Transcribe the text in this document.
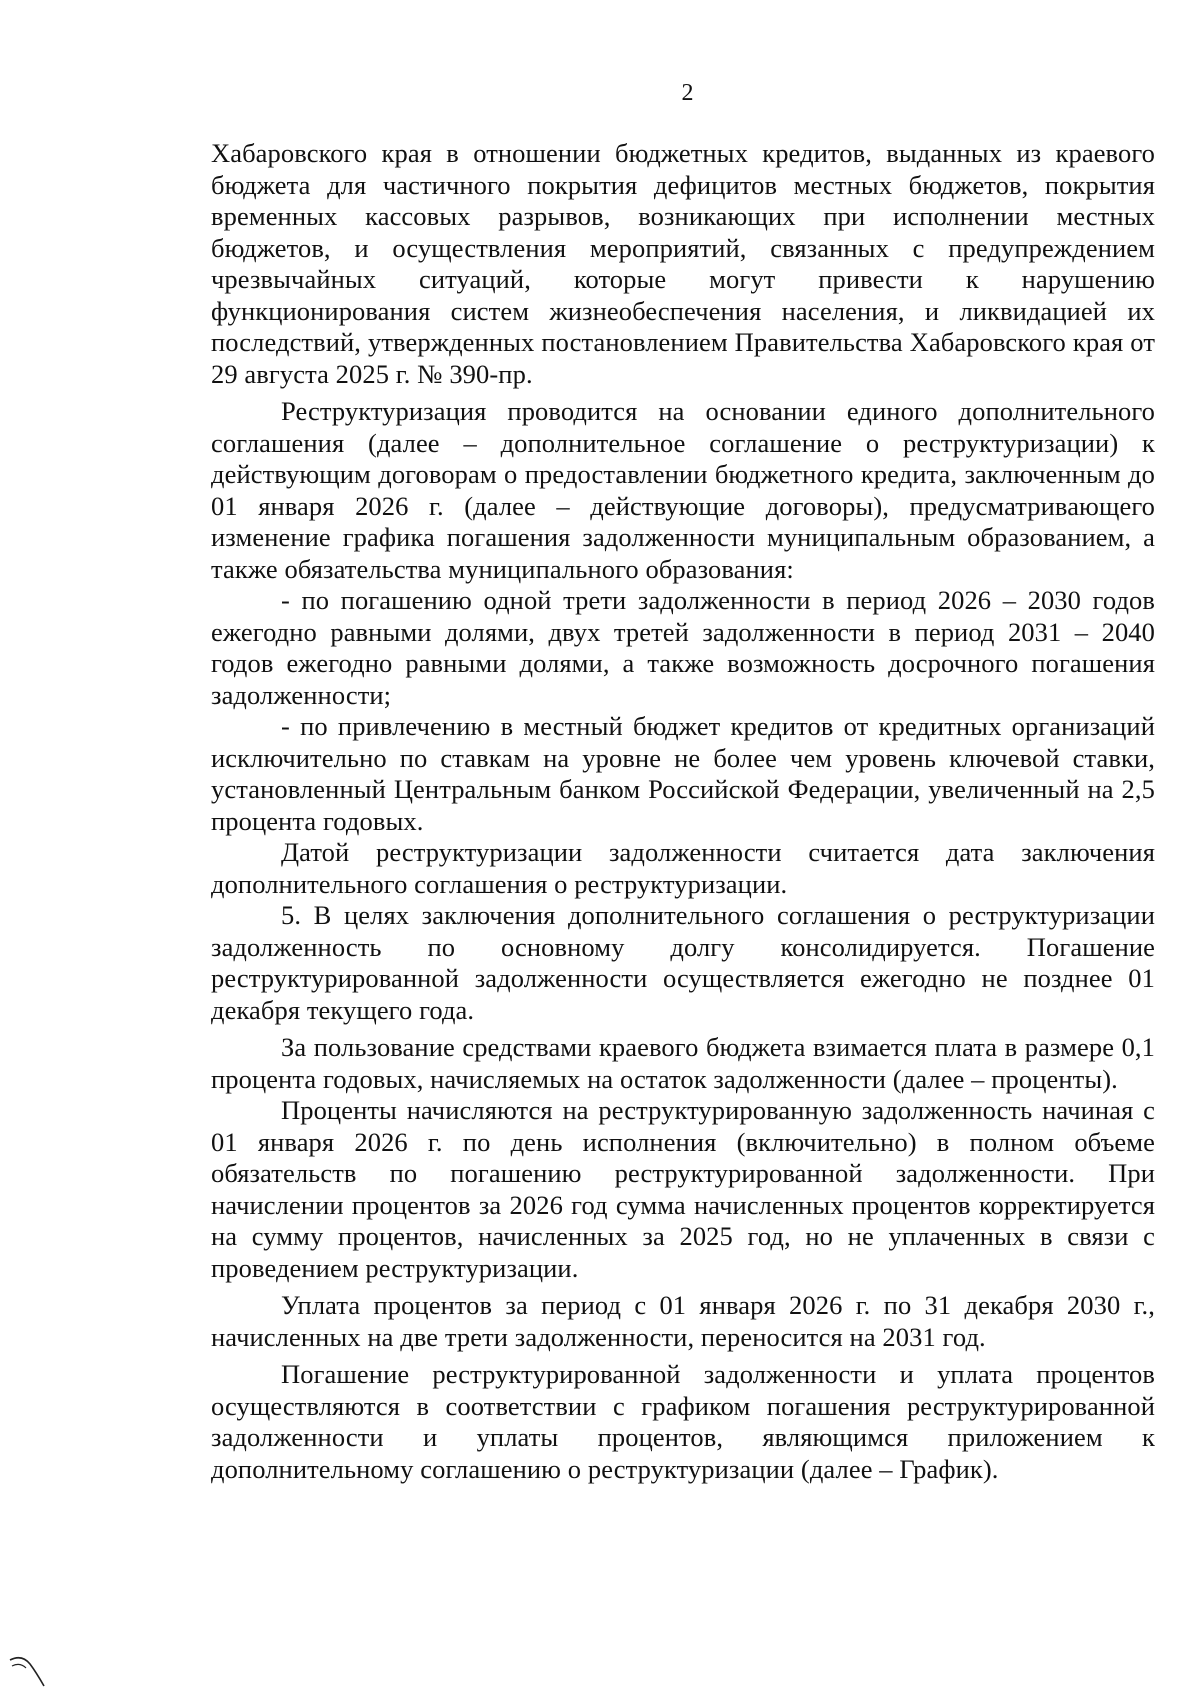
2

Хабаровского края в отношении бюджетных кредитов, выданных из краевого бюджета для частичного покрытия дефицитов местных бюджетов, покрытия временных кассовых разрывов, возникающих при исполнении местных бюджетов, и осуществления мероприятий, связанных с предупреждением чрезвычайных ситуаций, которые могут привести к нарушению функционирования систем жизнеобеспечения населения, и ликвидацией их последствий, утвержденных постановлением Правительства Хабаровского края от 29 августа 2025 г. № 390-пр.

Реструктуризация проводится на основании единого дополнительного соглашения (далее – дополнительное соглашение о реструктуризации) к действующим договорам о предоставлении бюджетного кредита, заключенным до 01 января 2026 г. (далее – действующие договоры), предусматривающего изменение графика погашения задолженности муниципальным образованием, а также обязательства муниципального образования:

- по погашению одной трети задолженности в период 2026 – 2030 годов ежегодно равными долями, двух третей задолженности в период 2031 – 2040 годов ежегодно равными долями, а также возможность досрочного погашения задолженности;

- по привлечению в местный бюджет кредитов от кредитных организаций исключительно по ставкам на уровне не более чем уровень ключевой ставки, установленный Центральным банком Российской Федерации, увеличенный на 2,5 процента годовых.

Датой реструктуризации задолженности считается дата заключения дополнительного соглашения о реструктуризации.

5. В целях заключения дополнительного соглашения о реструктуризации задолженность по основному долгу консолидируется. Погашение реструктурированной задолженности осуществляется ежегодно не позднее 01 декабря текущего года.

За пользование средствами краевого бюджета взимается плата в размере 0,1 процента годовых, начисляемых на остаток задолженности (далее – проценты).

Проценты начисляются на реструктурированную задолженность начиная с 01 января 2026 г. по день исполнения (включительно) в полном объеме обязательств по погашению реструктурированной задолженности. При начислении процентов за 2026 год сумма начисленных процентов корректируется на сумму процентов, начисленных за 2025 год, но не уплаченных в связи с проведением реструктуризации.

Уплата процентов за период с 01 января 2026 г. по 31 декабря 2030 г., начисленных на две трети задолженности, переносится на 2031 год.

Погашение реструктурированной задолженности и уплата процентов осуществляются в соответствии с графиком погашения реструктурированной задолженности и уплаты процентов, являющимся приложением к дополнительному соглашению о реструктуризации (далее – График).
